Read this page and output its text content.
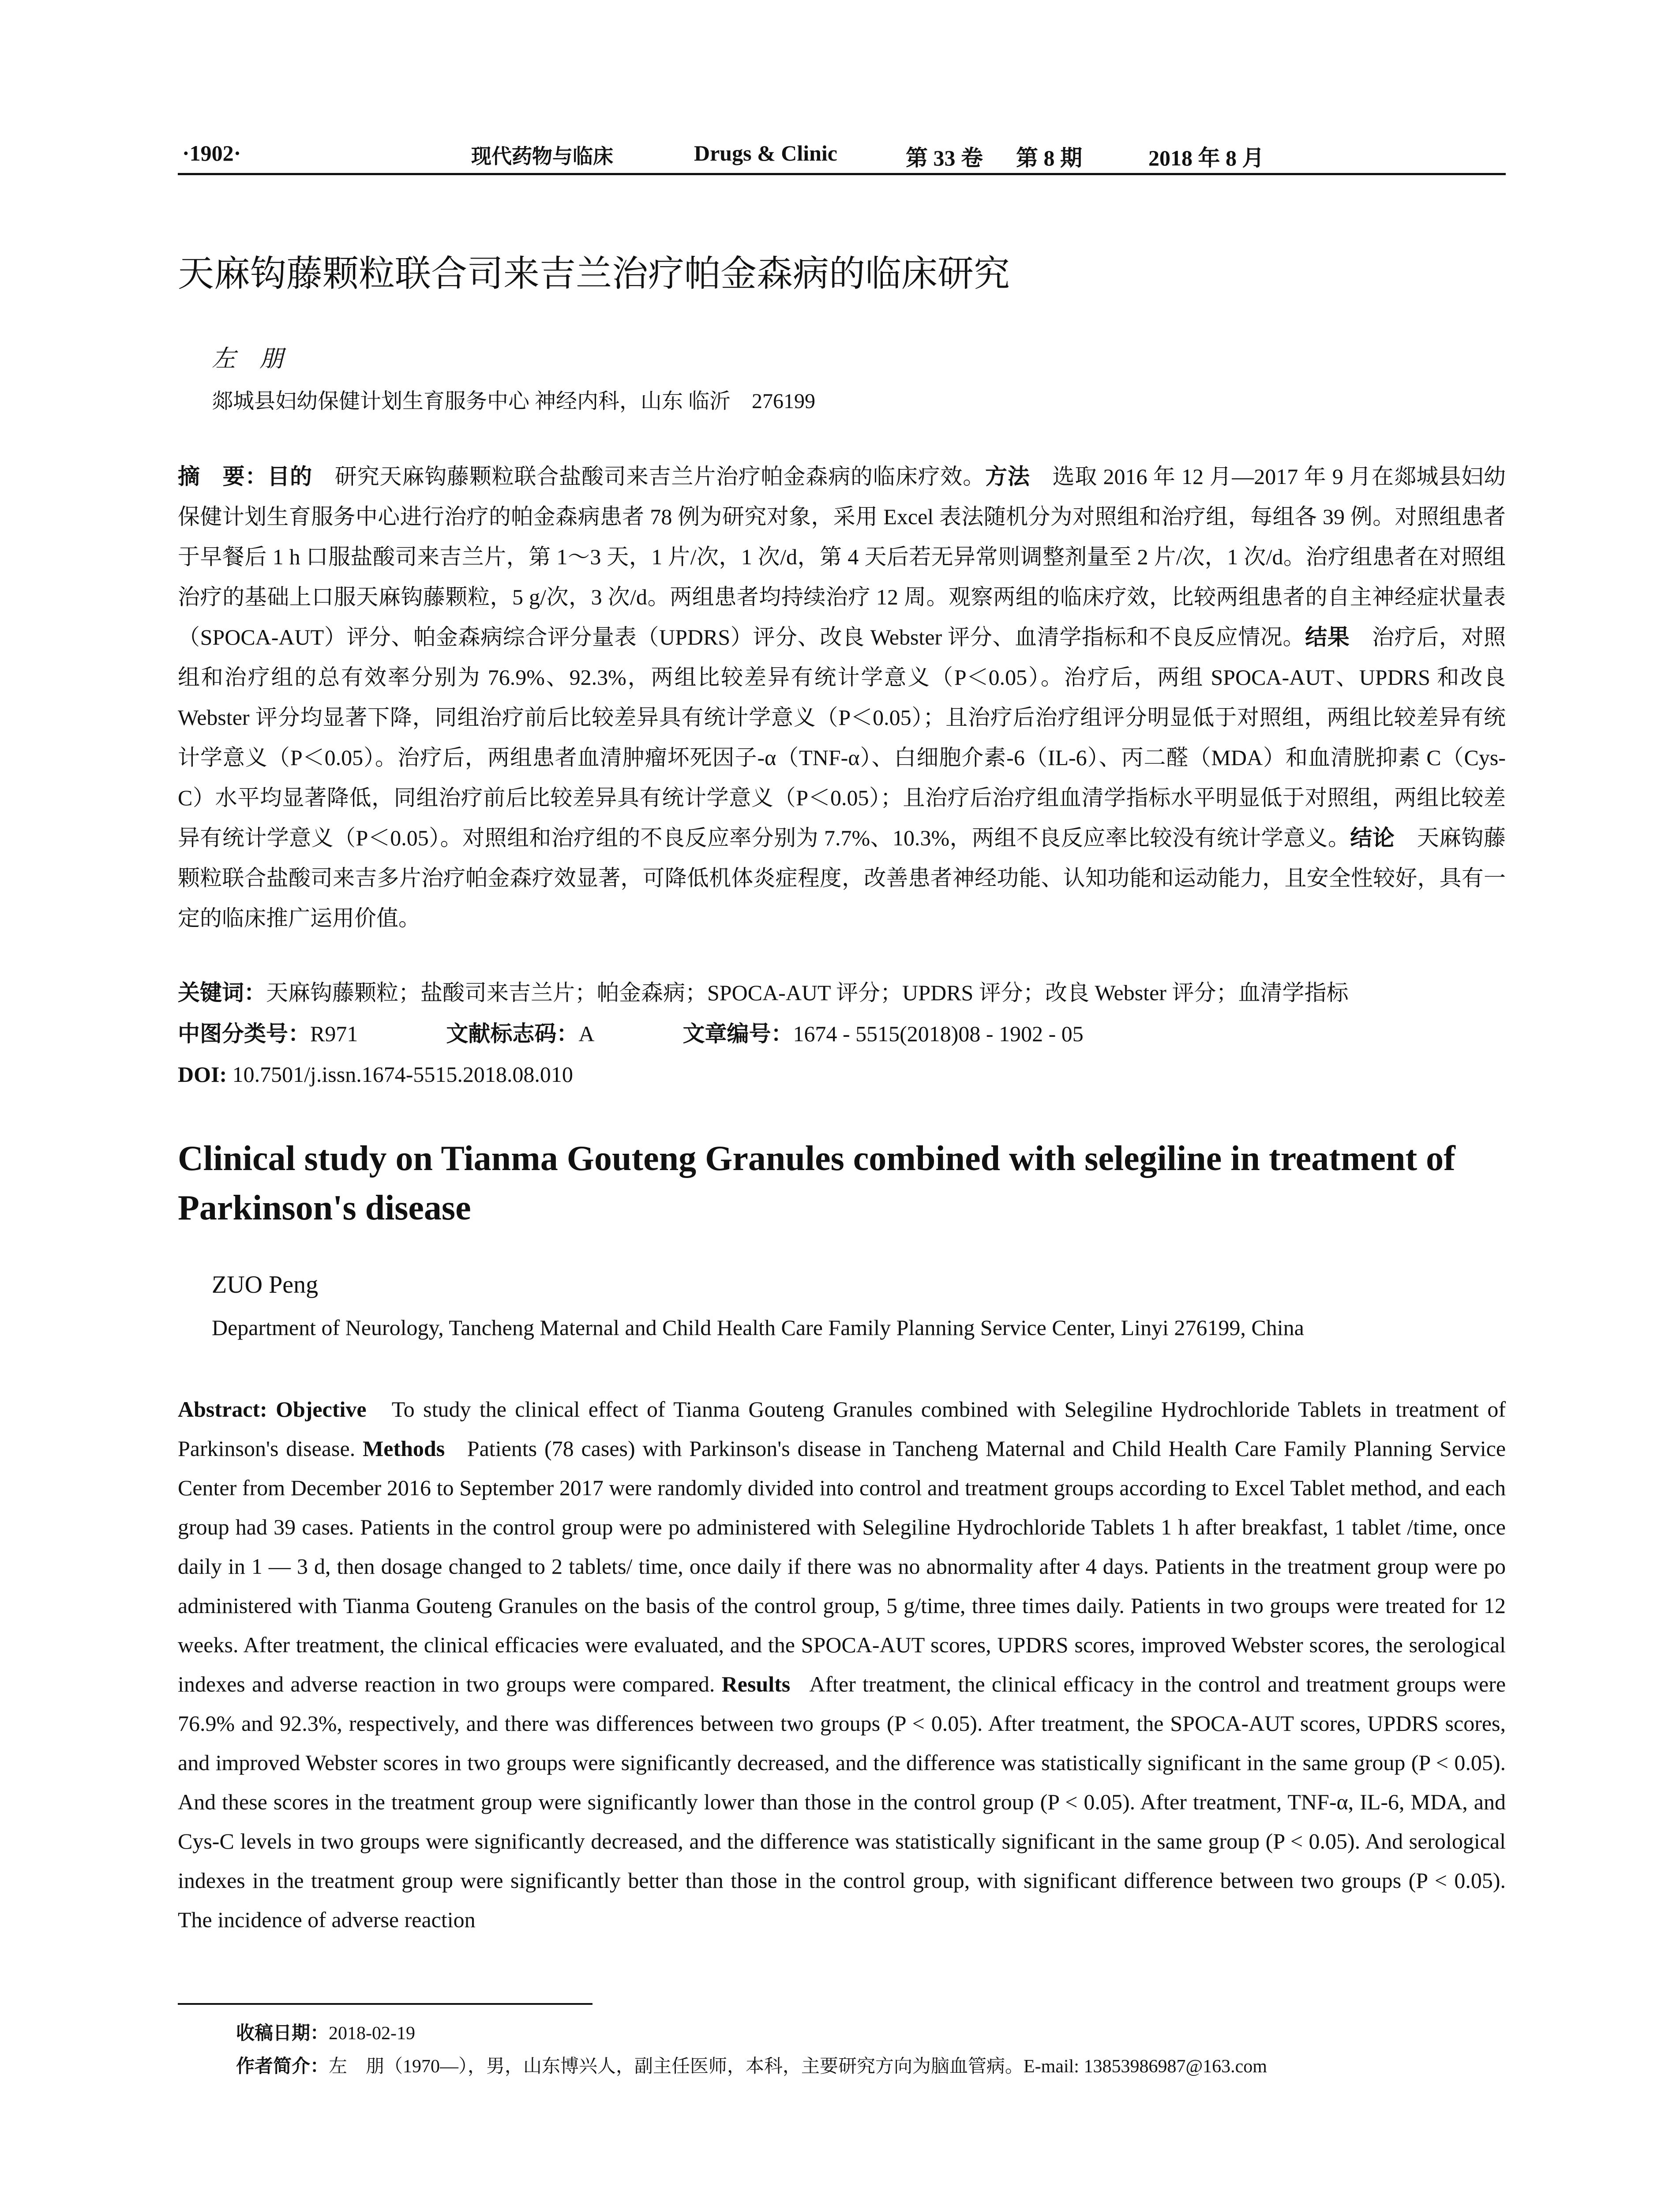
·1902·	现代药物与临床	Drugs & Clinic	第 33 卷 第 8 期	2018 年 8 月
天麻钩藤颗粒联合司来吉兰治疗帕金森病的临床研究
左　朋
郯城县妇幼保健计划生育服务中心 神经内科，山东 临沂　276199
摘　要：目的　 研究天麻钩藤颗粒联合盐酸司来吉兰片治疗帕金森病的临床疗效。方法　 选取 2016 年 12 月—2017 年 9 月在郯城县妇幼保健计划生育服务中心进行治疗的帕金森病患者 78 例为研究对象，采用 Excel 表法随机分为对照组和治疗组，每组各 39 例。对照组患者于早餐后 1 h 口服盐酸司来吉兰片，第 1～3 天，1 片/次，1 次/d，第 4 天后若无异常则调整剂量至 2 片/次，1 次/d。治疗组患者在对照组治疗的基础上口服天麻钩藤颗粒，5 g/次，3 次/d。两组患者均持续治疗 12 周。观察两组的临床疗效，比较两组患者的自主神经症状量表（SPOCA-AUT）评分、帕金森病综合评分量表（UPDRS）评分、改良 Webster 评分、血清学指标和不良反应情况。结果　 治疗后，对照组和治疗组的总有效率分别为 76.9%、92.3%，两组比较差异有统计学意义（P＜0.05）。治疗后，两组 SPOCA-AUT、UPDRS 和改良 Webster 评分均显著下降，同组治疗前后比较差异具有统计学意义（P＜0.05）；且治疗后治疗组评分明显低于对照组，两组比较差异有统计学意义（P＜0.05）。治疗后，两组患者血清肿瘤坏死因子-α（TNF-α）、白细胞介素-6（IL-6）、丙二醛（MDA）和血清胱抑素 C（Cys-C）水平均显著降低，同组治疗前后比较差异具有统计学意义（P＜0.05）；且治疗后治疗组血清学指标水平明显低于对照组，两组比较差异有统计学意义（P＜0.05）。对照组和治疗组的不良反应率分别为 7.7%、10.3%，两组不良反应率比较没有统计学意义。结论　 天麻钩藤颗粒联合盐酸司来吉多片治疗帕金森疗效显著，可降低机体炎症程度，改善患者神经功能、认知功能和运动能力，且安全性较好，具有一定的临床推广运用价值。
关键词：天麻钩藤颗粒；盐酸司来吉兰片；帕金森病；SPOCA-AUT 评分；UPDRS 评分；改良 Webster 评分；血清学指标
中图分类号：R971	文献标志码：A	文章编号：1674 - 5515(2018)08 - 1902 - 05
DOI: 10.7501/j.issn.1674-5515.2018.08.010
Clinical study on Tianma Gouteng Granules combined with selegiline in treatment of Parkinson's disease
ZUO Peng
Department of Neurology, Tancheng Maternal and Child Health Care Family Planning Service Center, Linyi 276199, China
Abstract: Objective To study the clinical effect of Tianma Gouteng Granules combined with Selegiline Hydrochloride Tablets in treatment of Parkinson's disease. Methods Patients (78 cases) with Parkinson's disease in Tancheng Maternal and Child Health Care Family Planning Service Center from December 2016 to September 2017 were randomly divided into control and treatment groups according to Excel Tablet method, and each group had 39 cases. Patients in the control group were po administered with Selegiline Hydrochloride Tablets 1 h after breakfast, 1 tablet /time, once daily in 1 — 3 d, then dosage changed to 2 tablets/ time, once daily if there was no abnormality after 4 days. Patients in the treatment group were po administered with Tianma Gouteng Granules on the basis of the control group, 5 g/time, three times daily. Patients in two groups were treated for 12 weeks. After treatment, the clinical efficacies were evaluated, and the SPOCA-AUT scores, UPDRS scores, improved Webster scores, the serological indexes and adverse reaction in two groups were compared. Results After treatment, the clinical efficacy in the control and treatment groups were 76.9% and 92.3%, respectively, and there was differences between two groups (P < 0.05). After treatment, the SPOCA-AUT scores, UPDRS scores, and improved Webster scores in two groups were significantly decreased, and the difference was statistically significant in the same group (P < 0.05). And these scores in the treatment group were significantly lower than those in the control group (P < 0.05). After treatment, TNF-α, IL-6, MDA, and Cys-C levels in two groups were significantly decreased, and the difference was statistically significant in the same group (P < 0.05). And serological indexes in the treatment group were significantly better than those in the control group, with significant difference between two groups (P < 0.05). The incidence of adverse reaction
收稿日期：2018-02-19
作者简介：左　朋（1970—），男，山东博兴人，副主任医师，本科，主要研究方向为脑血管病。E-mail: 13853986987@163.com
